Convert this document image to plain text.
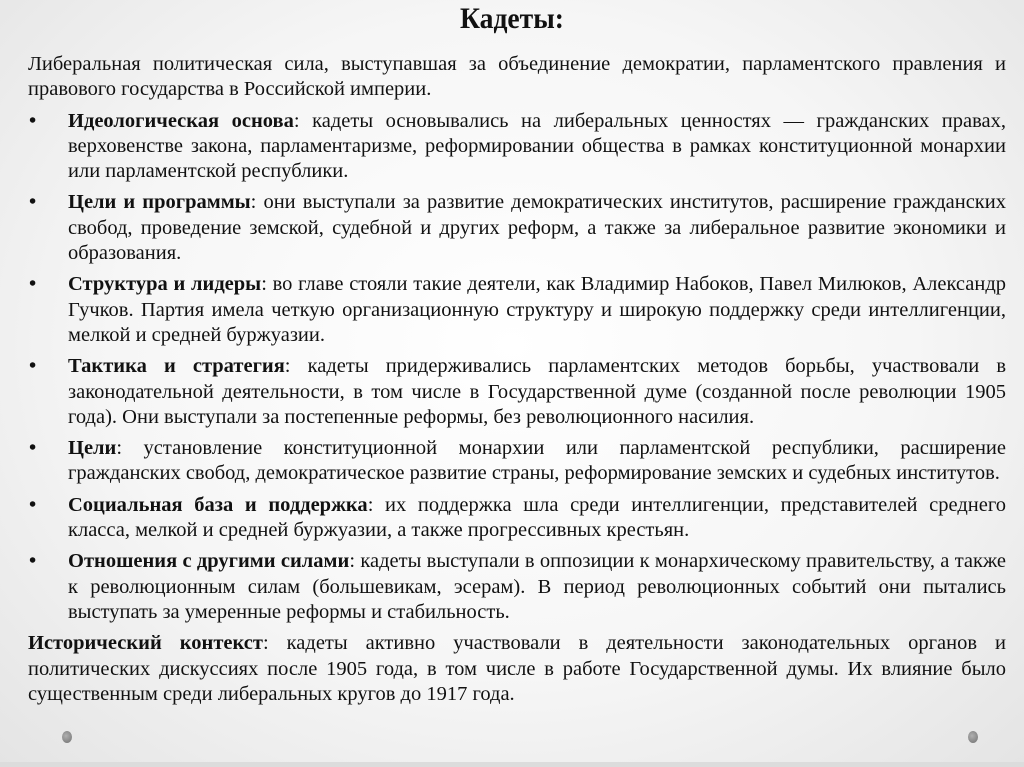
Кадеты:

Либеральная политическая сила, выступавшая за объединение демократии, парламентского правления и правового государства в Российской империи.

• Идеологическая основа: кадеты основывались на либеральных ценностях — гражданских правах, верховенстве закона, парламентаризме, реформировании общества в рамках конституционной монархии или парламентской республики.
• Цели и программы: они выступали за развитие демократических институтов, расширение гражданских свобод, проведение земской, судебной и других реформ, а также за либеральное развитие экономики и образования.
• Структура и лидеры: во главе стояли такие деятели, как Владимир Набоков, Павел Милюков, Александр Гучков. Партия имела четкую организационную структуру и широкую поддержку среди интеллигенции, мелкой и средней буржуазии.
• Тактика и стратегия: кадеты придерживались парламентских методов борьбы, участвовали в законодательной деятельности, в том числе в Государственной думе (созданной после революции 1905 года). Они выступали за постепенные реформы, без революционного насилия.
• Цели: установление конституционной монархии или парламентской республики, расширение гражданских свобод, демократическое развитие страны, реформирование земских и судебных институтов.
• Социальная база и поддержка: их поддержка шла среди интеллигенции, представителей среднего класса, мелкой и средней буржуазии, а также прогрессивных крестьян.
• Отношения с другими силами: кадеты выступали в оппозиции к монархическому правительству, а также к революционным силам (большевикам, эсерам). В период революционных событий они пытались выступать за умеренные реформы и стабильность.

Исторический контекст: кадеты активно участвовали в деятельности законодательных органов и политических дискуссиях после 1905 года, в том числе в работе Государственной думы. Их влияние было существенным среди либеральных кругов до 1917 года.
